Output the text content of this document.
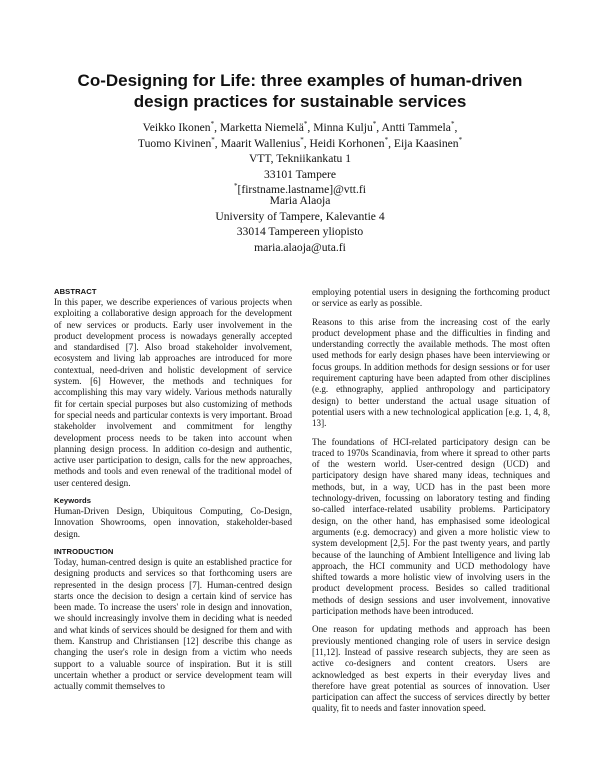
Co-Designing for Life: three examples of human-driven
design practices for sustainable services
Veikko Ikonen*, Marketta Niemelä*, Minna Kulju*, Antti Tammela*,
Tuomo Kivinen*, Maarit Wallenius*, Heidi Korhonen*, Eija Kaasinen*
VTT, Tekniikankatu 1
33101 Tampere
*[firstname.lastname]@vtt.fi
Maria Alaoja
University of Tampere, Kalevantie 4
33014 Tampereen yliopisto
maria.alaoja@uta.fi
ABSTRACT

In this paper, we describe experiences of various projects when exploiting a collaborative design approach for the development of new services or products. Early user involvement in the product development process is nowadays generally accepted and standardised [7]. Also broad stakeholder involvement, ecosystem and living lab approaches are introduced for more contextual, need-driven and holistic development of service system. [6] However, the methods and techniques for accomplishing this may vary widely. Various methods naturally fit for certain special purposes but also customizing of methods for special needs and particular contexts is very important. Broad stakeholder involvement and commitment for lengthy development process needs to be taken into account when planning design process. In addition co-design and authentic, active user participation to design, calls for the new approaches, methods and tools and even renewal of the traditional model of user centered design.

Keywords

Human-Driven Design, Ubiquitous Computing, Co-Design, Innovation Showrooms, open innovation, stakeholder-based design.

INTRODUCTION

Today, human-centred design is quite an established practice for designing products and services so that forthcoming users are represented in the design process [7]. Human-centred design starts once the decision to design a certain kind of service has been made. To increase the users' role in design and innovation, we should increasingly involve them in deciding what is needed and what kinds of services should be designed for them and with them. Kanstrup and Christiansen [12] describe this change as changing the user's role in design from a victim who needs support to a valuable source of inspiration. But it is still uncertain whether a product or service development team will actually commit themselves to

employing potential users in designing the forthcoming product or service as early as possible.

Reasons to this arise from the increasing cost of the early product development phase and the difficulties in finding and understanding correctly the available methods. The most often used methods for early design phases have been interviewing or focus groups. In addition methods for design sessions or for user requirement capturing have been adapted from other disciplines (e.g. ethnography, applied anthropology and participatory design) to better understand the actual usage situation of potential users with a new technological application [e.g. 1, 4, 8, 13].

The foundations of HCI-related participatory design can be traced to 1970s Scandinavia, from where it spread to other parts of the western world. User-centred design (UCD) and participatory design have shared many ideas, techniques and methods, but, in a way, UCD has in the past been more technology-driven, focussing on laboratory testing and finding so-called interface-related usability problems. Participatory design, on the other hand, has emphasised some ideological arguments (e.g. democracy) and given a more holistic view to system development [2,5]. For the past twenty years, and partly because of the launching of Ambient Intelligence and living lab approach, the HCI community and UCD methodology have shifted towards a more holistic view of involving users in the product development process. Besides so called traditional methods of design sessions and user involvement, innovative participation methods have been introduced.

One reason for updating methods and approach has been previously mentioned changing role of users in service design [11,12]. Instead of passive research subjects, they are seen as active co-designers and content creators. Users are acknowledged as best experts in their everyday lives and therefore have great potential as sources of innovation. User participation can affect the success of services directly by better quality, fit to needs and faster innovation speed.
